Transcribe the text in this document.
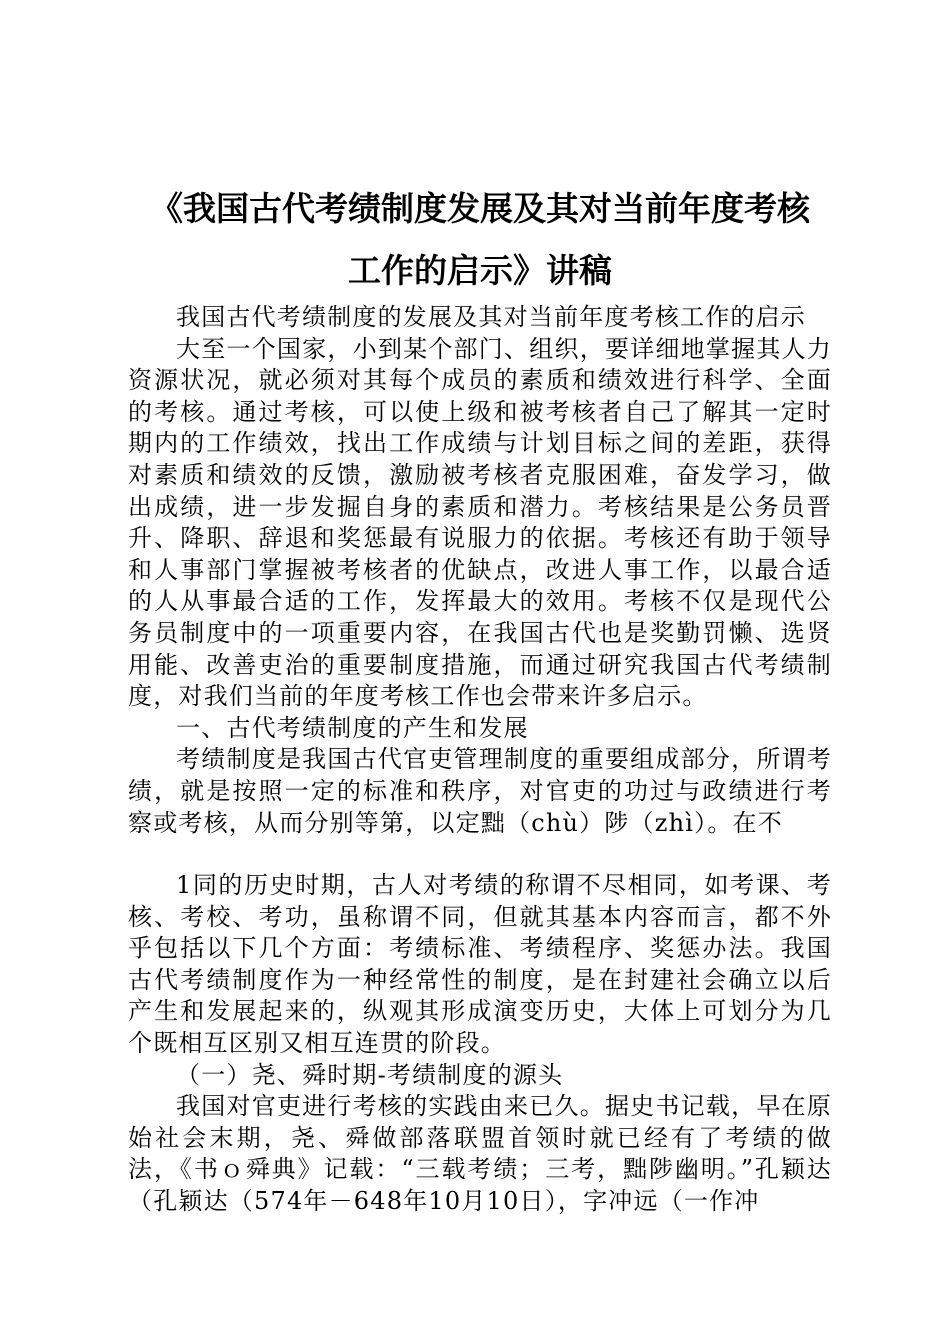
《我国古代考绩制度发展及其对当前年度考核
工作的启示》讲稿

我国古代考绩制度的发展及其对当前年度考核工作的启示

大至一个国家，小到某个部门、组织，要详细地掌握其人力资源状况，就必须对其每个成员的素质和绩效进行科学、全面的考核。通过考核，可以使上级和被考核者自己了解其一定时期内的工作绩效，找出工作成绩与计划目标之间的差距，获得对素质和绩效的反馈，激励被考核者克服困难，奋发学习，做出成绩，进一步发掘自身的素质和潜力。考核结果是公务员晋升、降职、辞退和奖惩最有说服力的依据。考核还有助于领导和人事部门掌握被考核者的优缺点，改进人事工作，以最合适的人从事最合适的工作，发挥最大的效用。考核不仅是现代公务员制度中的一项重要内容，在我国古代也是奖勤罚懒、选贤用能、改善吏治的重要制度措施，而通过研究我国古代考绩制度，对我们当前的年度考核工作也会带来许多启示。

一、古代考绩制度的产生和发展

考绩制度是我国古代官吏管理制度的重要组成部分，所谓考绩，就是按照一定的标准和秩序，对官吏的功过与政绩进行考察或考核，从而分别等第，以定黜（chù）陟（zhì）。在不

1同的历史时期，古人对考绩的称谓不尽相同，如考课、考核、考校、考功，虽称谓不同，但就其基本内容而言，都不外乎包括以下几个方面：考绩标准、考绩程序、奖惩办法。我国古代考绩制度作为一种经常性的制度，是在封建社会确立以后产生和发展起来的，纵观其形成演变历史，大体上可划分为几个既相互区别又相互连贯的阶段。

（一）尧、舜时期-考绩制度的源头

我国对官吏进行考核的实践由来已久。据史书记载，早在原始社会末期，尧、舜做部落联盟首领时就已经有了考绩的做法，《书ｏ舜典》记载：“三载考绩；三考，黜陟幽明。”孔颖达（孔颖达（574年－648年10月10日），字冲远（一作冲
